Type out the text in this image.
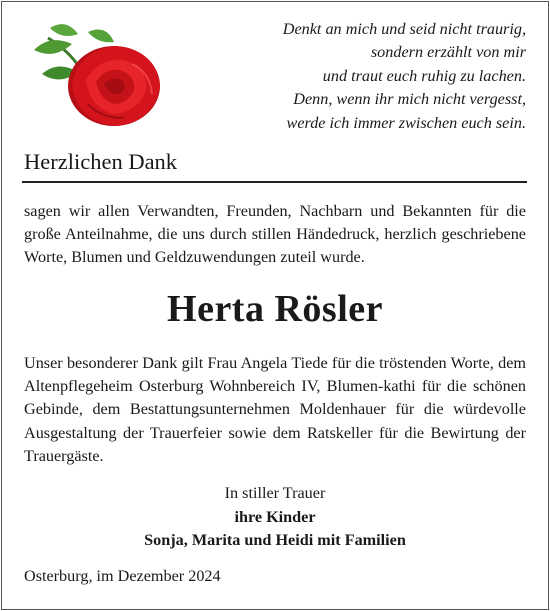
Denkt an mich und seid nicht traurig,
sondern erzählt von mir
und traut euch ruhig zu lachen.
Denn, wenn ihr mich nicht vergesst,
werde ich immer zwischen euch sein.
Herzlichen Dank
sagen wir allen Verwandten, Freunden, Nachbarn und Bekannten für die große Anteilnahme, die uns durch stillen Händedruck, herzlich geschriebene Worte, Blumen und Geldzuwendungen zuteil wurde.
Herta Rösler
Unser besonderer Dank gilt Frau Angela Tiede für die tröstenden Worte, dem Altenpflegeheim Osterburg Wohnbereich IV, Blumen-kathi für die schönen Gebinde, dem Bestattungsunternehmen Moldenhauer für die würdevolle Ausgestaltung der Trauerfeier sowie dem Ratskeller für die Bewirtung der Trauergäste.
In stiller Trauer
ihre Kinder
Sonja, Marita und Heidi mit Familien
Osterburg, im Dezember 2024
